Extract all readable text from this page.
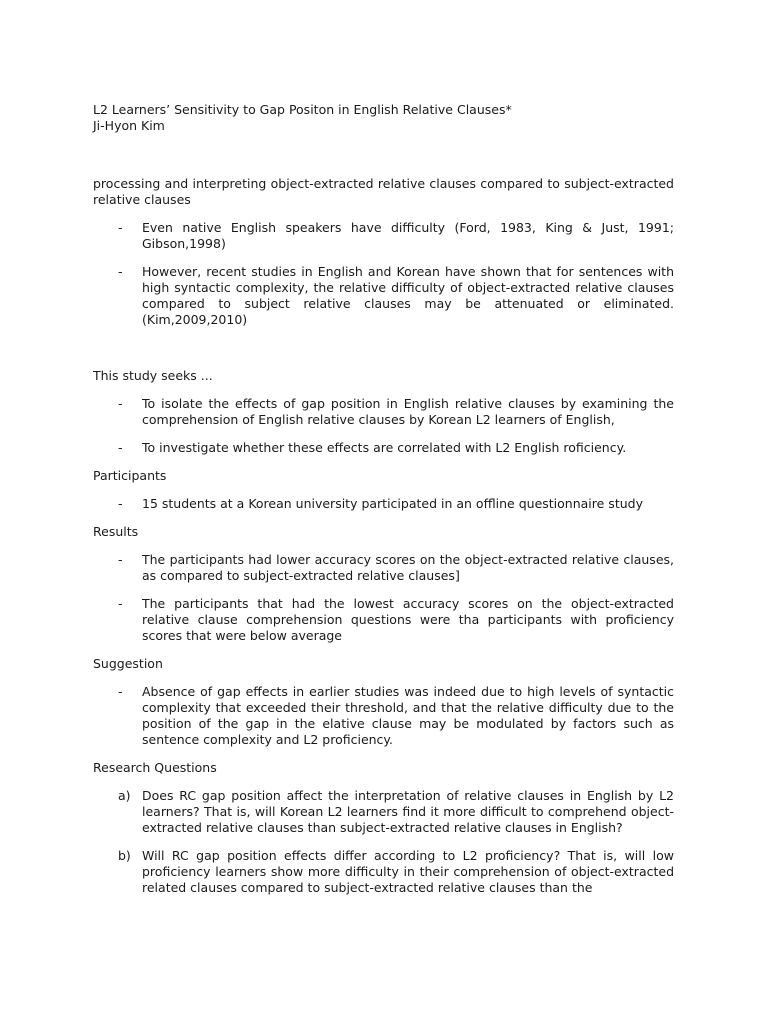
L2 Learners’ Sensitivity to Gap Positon in English Relative Clauses*

Ji-Hyon Kim

processing and interpreting object-extracted relative clauses compared to subject-extracted relative clauses

- Even native English speakers have difficulty (Ford, 1983, King & Just, 1991; Gibson,1998)
- However, recent studies in English and Korean have shown that for sentences with high syntactic complexity, the relative difficulty of object-extracted relative clauses compared to subject relative clauses may be attenuated or eliminated. (Kim,2009,2010)

This study seeks ...

- To isolate the effects of gap position in English relative clauses by examining the comprehension of English relative clauses by Korean L2 learners of English,
- To investigate whether these effects are correlated with L2 English roficiency.

Participants

- 15 students at a Korean university participated in an offline questionnaire study

Results

- The participants had lower accuracy scores on the object-extracted relative clauses, as compared to subject-extracted relative clauses]
- The participants that had the lowest accuracy scores on the object-extracted relative clause comprehension questions were tha participants with proficiency scores that were below average

Suggestion

- Absence of gap effects in earlier studies was indeed due to high levels of syntactic complexity that exceeded their threshold, and that the relative difficulty due to the position of the gap in the elative clause may be modulated by factors such as sentence complexity and L2 proficiency.

Research Questions

a) Does RC gap position affect the interpretation of relative clauses in English by L2 learners? That is, will Korean L2 learners find it more difficult to comprehend object-extracted relative clauses than subject-extracted relative clauses in English?
b) Will RC gap position effects differ according to L2 proficiency? That is, will low proficiency learners show more difficulty in their comprehension of object-extracted related clauses compared to subject-extracted relative clauses than the
